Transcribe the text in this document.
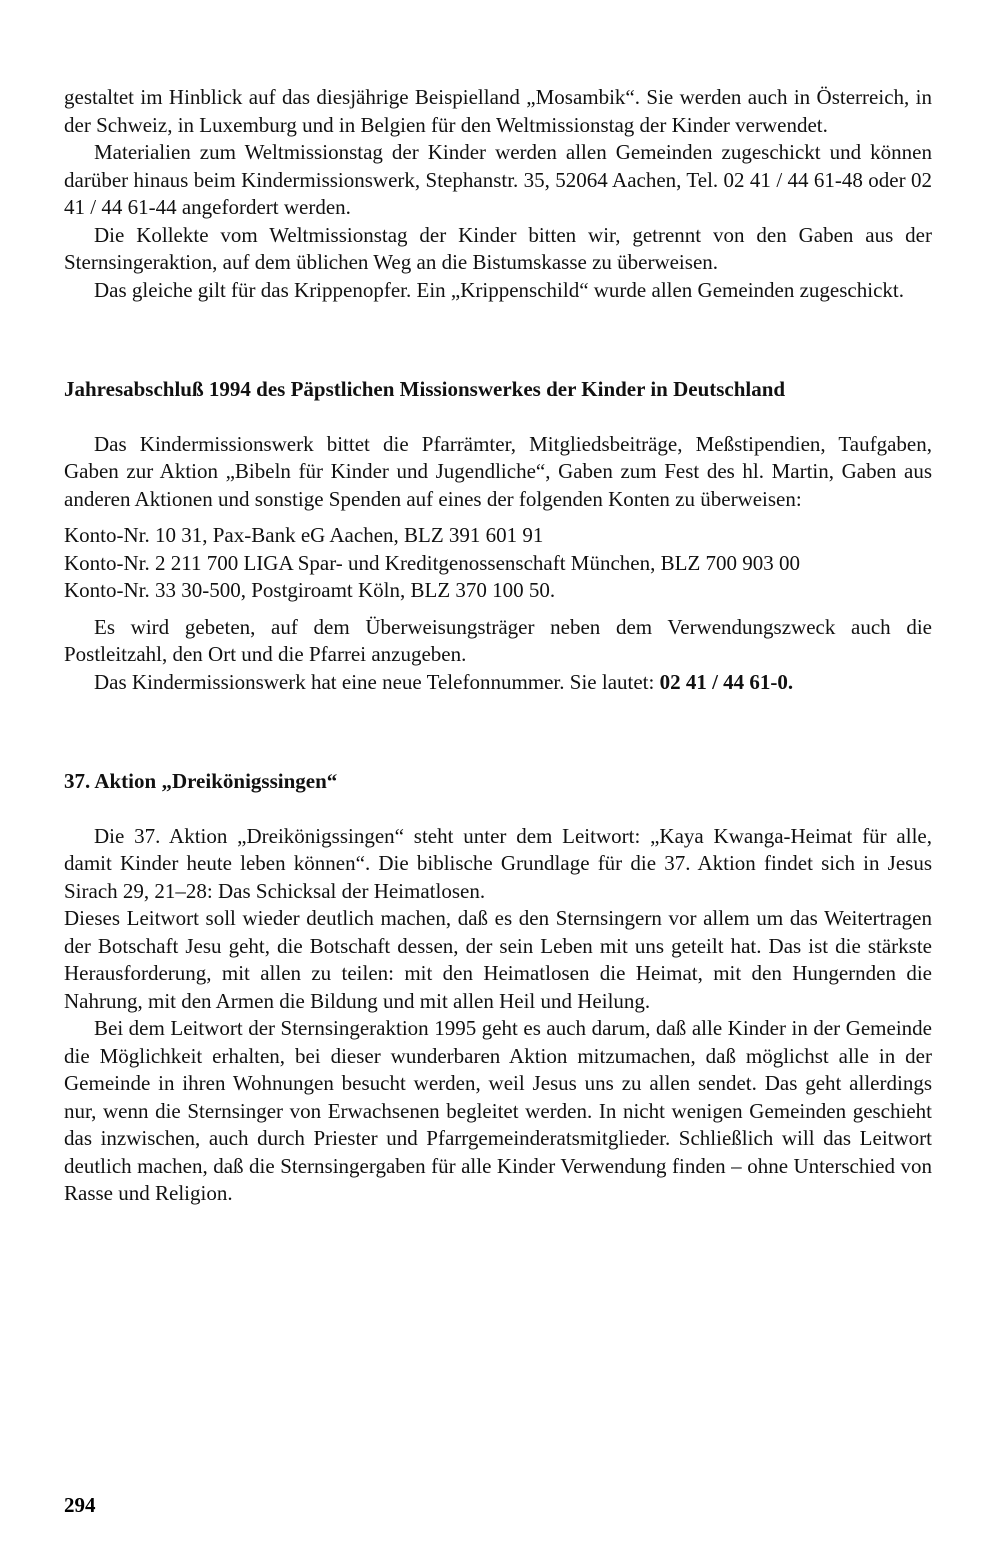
gestaltet im Hinblick auf das diesjährige Beispielland „Mosambik“. Sie werden auch in Österreich, in der Schweiz, in Luxemburg und in Belgien für den Weltmissionstag der Kinder verwendet.

Materialien zum Weltmissionstag der Kinder werden allen Gemeinden zugeschickt und können darüber hinaus beim Kindermissionswerk, Stephanstr. 35, 52064 Aachen, Tel. 02 41 / 44 61-48 oder 02 41 / 44 61-44 angefordert werden.

Die Kollekte vom Weltmissionstag der Kinder bitten wir, getrennt von den Gaben aus der Sternsingeraktion, auf dem üblichen Weg an die Bistumskasse zu überweisen.

Das gleiche gilt für das Krippenopfer. Ein „Krippenschild“ wurde allen Gemeinden zugeschickt.

Jahresabschluß 1994 des Päpstlichen Missionswerkes der Kinder in Deutschland

Das Kindermissionswerk bittet die Pfarrämter, Mitgliedsbeiträge, Meßstipendien, Taufgaben, Gaben zur Aktion „Bibeln für Kinder und Jugendliche“, Gaben zum Fest des hl. Martin, Gaben aus anderen Aktionen und sonstige Spenden auf eines der folgenden Konten zu überweisen:

Konto-Nr. 10 31, Pax-Bank eG Aachen, BLZ 391 601 91

Konto-Nr. 2 211 700 LIGA Spar- und Kreditgenossenschaft München, BLZ 700 903 00

Konto-Nr. 33 30-500, Postgiroamt Köln, BLZ 370 100 50.

Es wird gebeten, auf dem Überweisungsträger neben dem Verwendungszweck auch die Postleitzahl, den Ort und die Pfarrei anzugeben.

Das Kindermissionswerk hat eine neue Telefonnummer. Sie lautet: 02 41 / 44 61-0.

37. Aktion „Dreikönigssingen“

Die 37. Aktion „Dreikönigssingen“ steht unter dem Leitwort: „Kaya Kwanga-Heimat für alle, damit Kinder heute leben können“. Die biblische Grundlage für die 37. Aktion findet sich in Jesus Sirach 29, 21–28: Das Schicksal der Heimatlosen.

Dieses Leitwort soll wieder deutlich machen, daß es den Sternsingern vor allem um das Weitertragen der Botschaft Jesu geht, die Botschaft dessen, der sein Leben mit uns geteilt hat. Das ist die stärkste Herausforderung, mit allen zu teilen: mit den Heimatlosen die Heimat, mit den Hungernden die Nahrung, mit den Armen die Bildung und mit allen Heil und Heilung.

Bei dem Leitwort der Sternsingeraktion 1995 geht es auch darum, daß alle Kinder in der Gemeinde die Möglichkeit erhalten, bei dieser wunderbaren Aktion mitzumachen, daß möglichst alle in der Gemeinde in ihren Wohnungen besucht werden, weil Jesus uns zu allen sendet. Das geht allerdings nur, wenn die Sternsinger von Erwachsenen begleitet werden. In nicht wenigen Gemeinden geschieht das inzwischen, auch durch Priester und Pfarrgemeinderatsmitglieder. Schließlich will das Leitwort deutlich machen, daß die Sternsingergaben für alle Kinder Verwendung finden – ohne Unterschied von Rasse und Religion.

294
